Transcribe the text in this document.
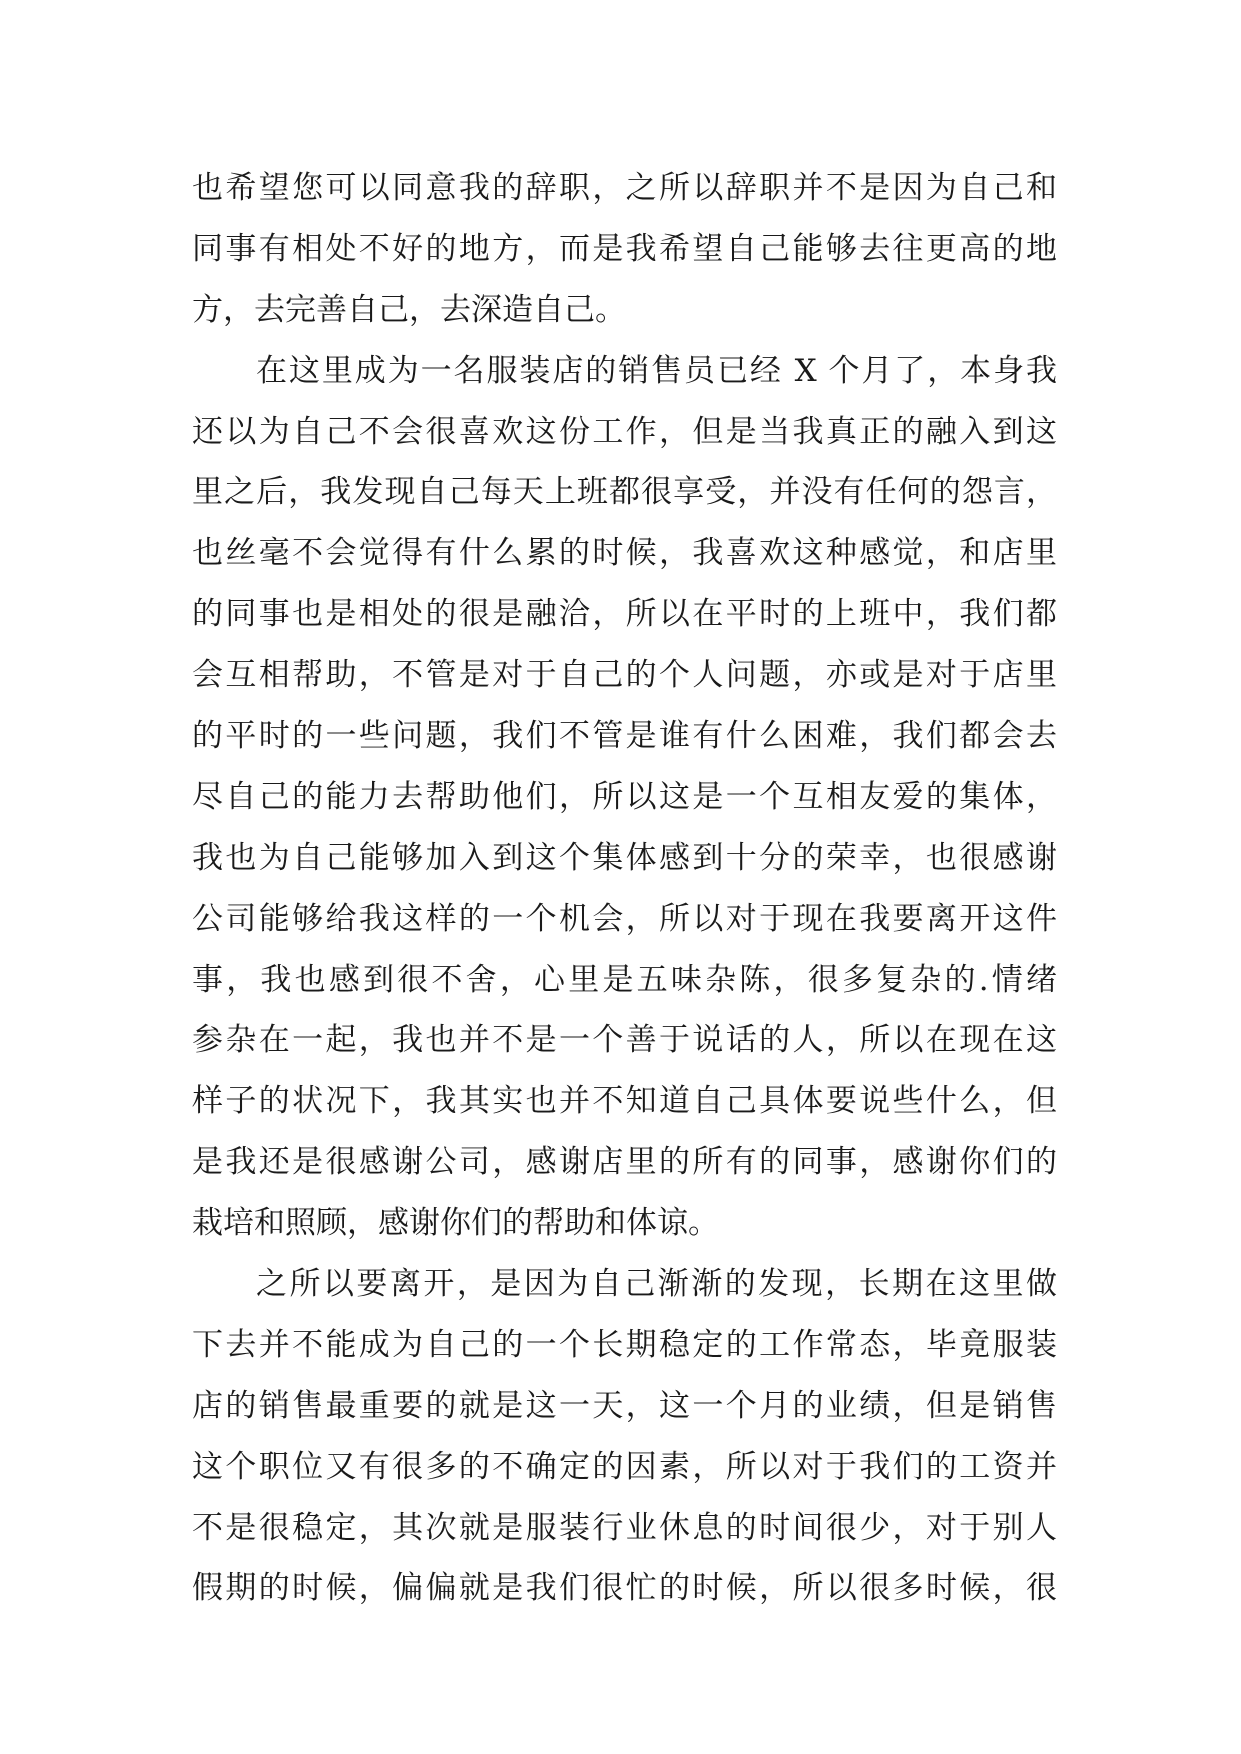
也希望您可以同意我的辞职，之所以辞职并不是因为自己和
同事有相处不好的地方，而是我希望自己能够去往更高的地
方，去完善自己，去深造自己。
在这里成为一名服装店的销售员已经 X 个月了，本身我
还以为自己不会很喜欢这份工作，但是当我真正的融入到这
里之后，我发现自己每天上班都很享受，并没有任何的怨言，
也丝毫不会觉得有什么累的时候，我喜欢这种感觉，和店里
的同事也是相处的很是融洽，所以在平时的上班中，我们都
会互相帮助，不管是对于自己的个人问题，亦或是对于店里
的平时的一些问题，我们不管是谁有什么困难，我们都会去
尽自己的能力去帮助他们，所以这是一个互相友爱的集体，
我也为自己能够加入到这个集体感到十分的荣幸，也很感谢
公司能够给我这样的一个机会，所以对于现在我要离开这件
事，我也感到很不舍，心里是五味杂陈，很多复杂的.情绪
参杂在一起，我也并不是一个善于说话的人，所以在现在这
样子的状况下，我其实也并不知道自己具体要说些什么，但
是我还是很感谢公司，感谢店里的所有的同事，感谢你们的
栽培和照顾，感谢你们的帮助和体谅。
之所以要离开，是因为自己渐渐的发现，长期在这里做
下去并不能成为自己的一个长期稳定的工作常态，毕竟服装
店的销售最重要的就是这一天，这一个月的业绩，但是销售
这个职位又有很多的不确定的因素，所以对于我们的工资并
不是很稳定，其次就是服装行业休息的时间很少，对于别人
假期的时候，偏偏就是我们很忙的时候，所以很多时候，很
